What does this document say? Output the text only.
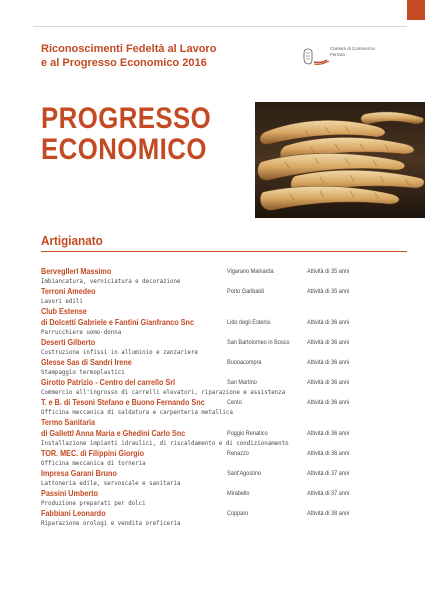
Riconoscimenti Fedeltà al Lavoro
e al Progresso Economico 2016
Camera di Commercio
Ferrara
PROGRESSO
ECONOMICO
Artigianato
Bervegllerl Massimo	Vigarano Mainarda	Attività di 35 anni
Imbiancatura, verniciatura e decorazione
Terroni Amedeo	Porto Garibaldi	Attività di 35 anni
Lavori edili
Club Estense
di Dolcetti Gabriele e Fantini Gianfranco Snc	Lido degli Estensi	Attività di 36 anni
Parrucchiere uomo-donna
Deserti Gilberto	San Bartolomeo in Bosco	Attività di 36 anni
Costruzione infissi in alluminio e zanzariere
Glesse Sas di Sandri Irene	Buonacompra	Attività di 36 anni
Stampaggio termoplastici
Girotto Patrizio - Centro del carrello Srl	San Martino	Attività di 36 anni
Commercio all'ingrosso di carrelli elevatori, riparazione e assistenza
T. e B. di Tesoni Stefano e Buono Fernando Snc	Cento	Attività di 36 anni
Officina meccanica di saldatura e carpenteria metallica
Termo Sanitaria
di Gallettl Anna Maria e Ghedini Carlo Snc	Poggio Renatico	Attività di 36 anni
Installazione impianti idraulici, di riscaldamento e di condizionamento
TOR. MEC. di Filippini Giorgio	Renazzo	Attività di 36 anni
Officina meccanica di torneria
Impresa Garani Bruno	Sant'Agostino	Attività di 37 anni
Lattoneria edile, servoscale e sanitaria
Passini Umberto	Mirabello	Attività di 37 anni
Produzione preparati per dolci
Fabbiani Leonardo	Copparo	Attività di 38 anni
Riparazione orologi e vendita oreficeria
